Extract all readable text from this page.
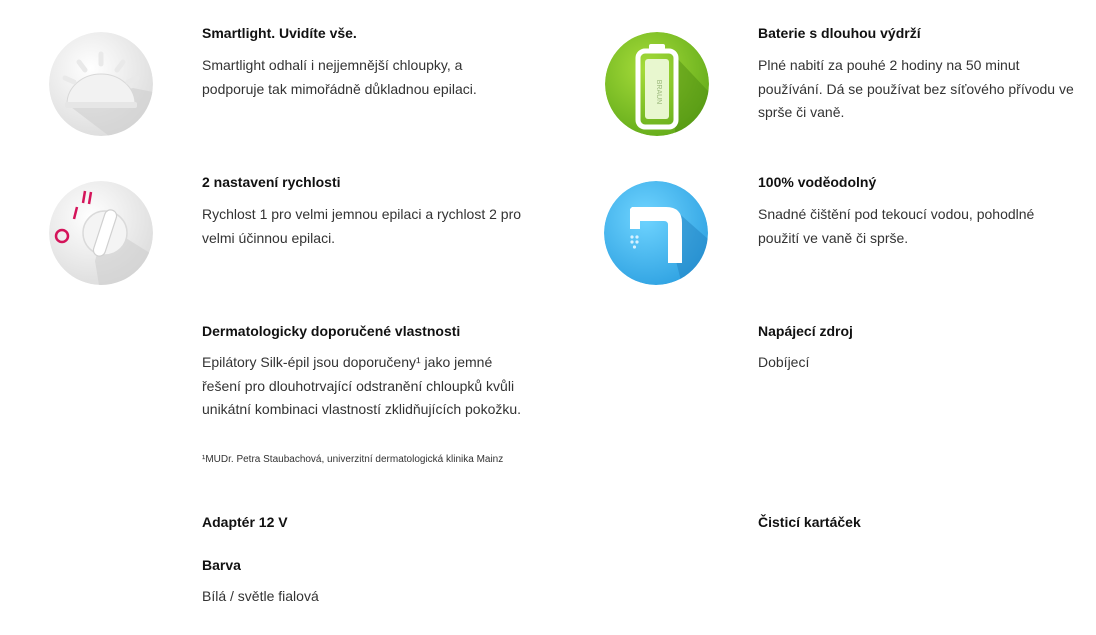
Smartlight. Uvidíte vše.
Smartlight odhalí i nejjemnější chloupky, a podporuje tak mimořádně důkladnou epilaci.	BRAUN
Baterie s dlouhou výdrží
Plné nabití za pouhé 2 hodiny na 50 minut používání. Dá se používat bez síťového přívodu ve sprše či vaně.
2 nastavení rychlosti
Rychlost 1 pro velmi jemnou epilaci a rychlost 2 pro velmi účinnou epilaci.
100% voděodolný
Snadné čištění pod tekoucí vodou, pohodlné použití ve vaně či sprše.
Dermatologicky doporučené vlastnosti
Epilátory Silk-épil jsou doporučeny¹ jako jemné řešení pro dlouhotrvající odstranění chloupků kvůli unikátní kombinaci vlastností zklidňujících pokožku.
¹MUDr. Petra Staubachová, univerzitní dermatologická klinika Mainz
Napájecí zdroj
Dobíjecí
Adaptér 12 V	Čisticí kartáček
Barva
Bílá / světle fialová
